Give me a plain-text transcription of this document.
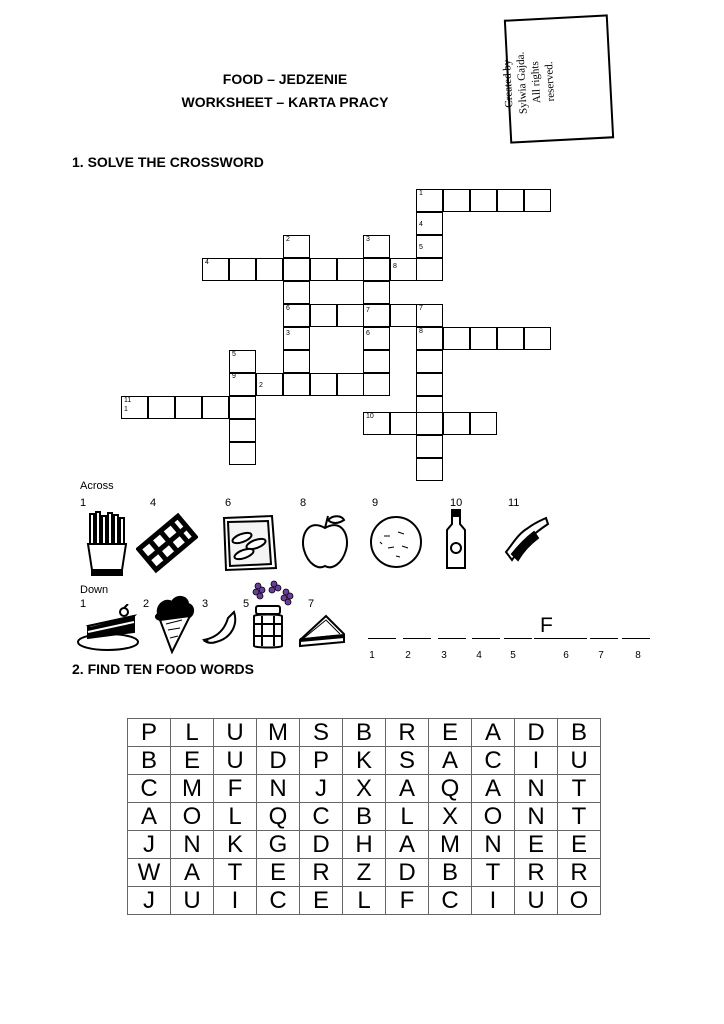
FOOD – JEDZENIE
WORKSHEET – KARTA PRACY	Created by Sylwia Gajda. All rights reserved.
1. SOLVE THE CROSSWORD
1
4
5
2	3
4
8
6	7	7
3	6	8
5
9
2
11
1
10
Across
1	4	6	8	9	10	11
Down
1	2	3	5	7
F
1	2	3	4	5	6	7	8
2. FIND TEN FOOD WORDS
P	L	U	M	S	B	R	E	A	D	B
B	E	U	D	P	K	S	A	C	I	U
C	M	F	N	J	X	A	Q	A	N	T
A	O	L	Q	C	B	L	X	O	N	T
J	N	K	G	D	H	A	M	N	E	E
W	A	T	E	R	Z	D	B	T	R	R
J	U	I	C	E	L	F	C	I	U	O
